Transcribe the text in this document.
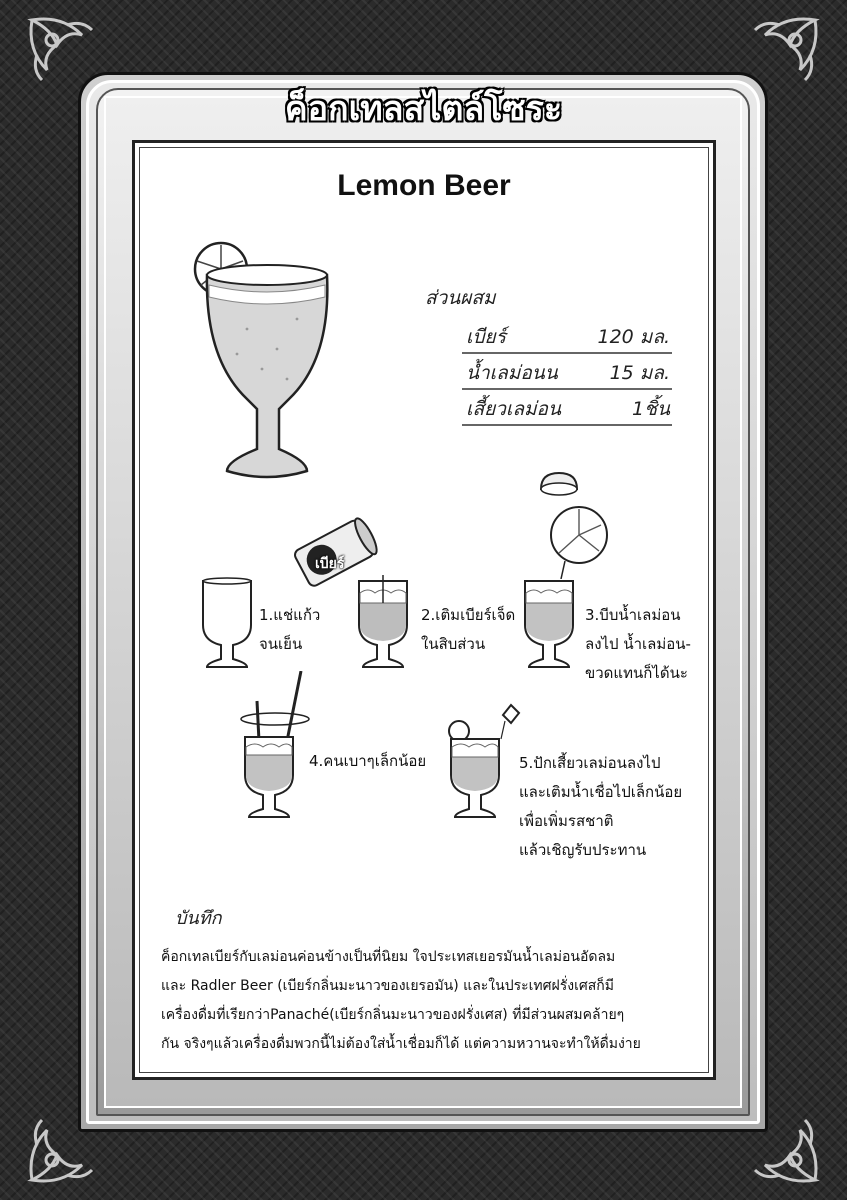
ค็อกเทลสไตล์โซระ
Lemon Beer
ส่วนผสม
เบียร์	120 มล.
น้ำเลม่อนน	15 มล.
เสี้ยวเลม่อน	1ชิ้น
เบียร์
1.แช่แก้ว
จนเย็น
2.เติมเบียร์เจ็ด
ในสิบส่วน
3.บีบน้ำเลม่อน
ลงไป น้ำเลม่อน-
ขวดแทนก็ได้นะ
4.คนเบาๆเล็กน้อย	5.ปักเสี้ยวเลม่อนลงไป
และเติมน้ำเชื่อไปเล็กน้อย
เพื่อเพิ่มรสชาติ
แล้วเชิญรับประทาน
บันทึก
ค็อกเทลเบียร์กับเลม่อนค่อนข้างเป็นที่นิยม ใจประเทสเยอรมันน้ำเลม่อนอัดลม
และ Radler Beer (เบียร์กลิ่นมะนาวของเยรอมัน) และในประเทศฝรั่งเศสก็มี
เครื่องดื่มที่เรียกว่าPanaché(เบียร์กลิ่นมะนาวของฝรั่งเศส) ที่มีส่วนผสมคล้ายๆ
กัน จริงๆแล้วเครื่องดื่มพวกนี้ไม่ต้องใส่น้ำเชื่อมก็ได้ แต่ความหวานจะทำให้ดื่มง่าย
